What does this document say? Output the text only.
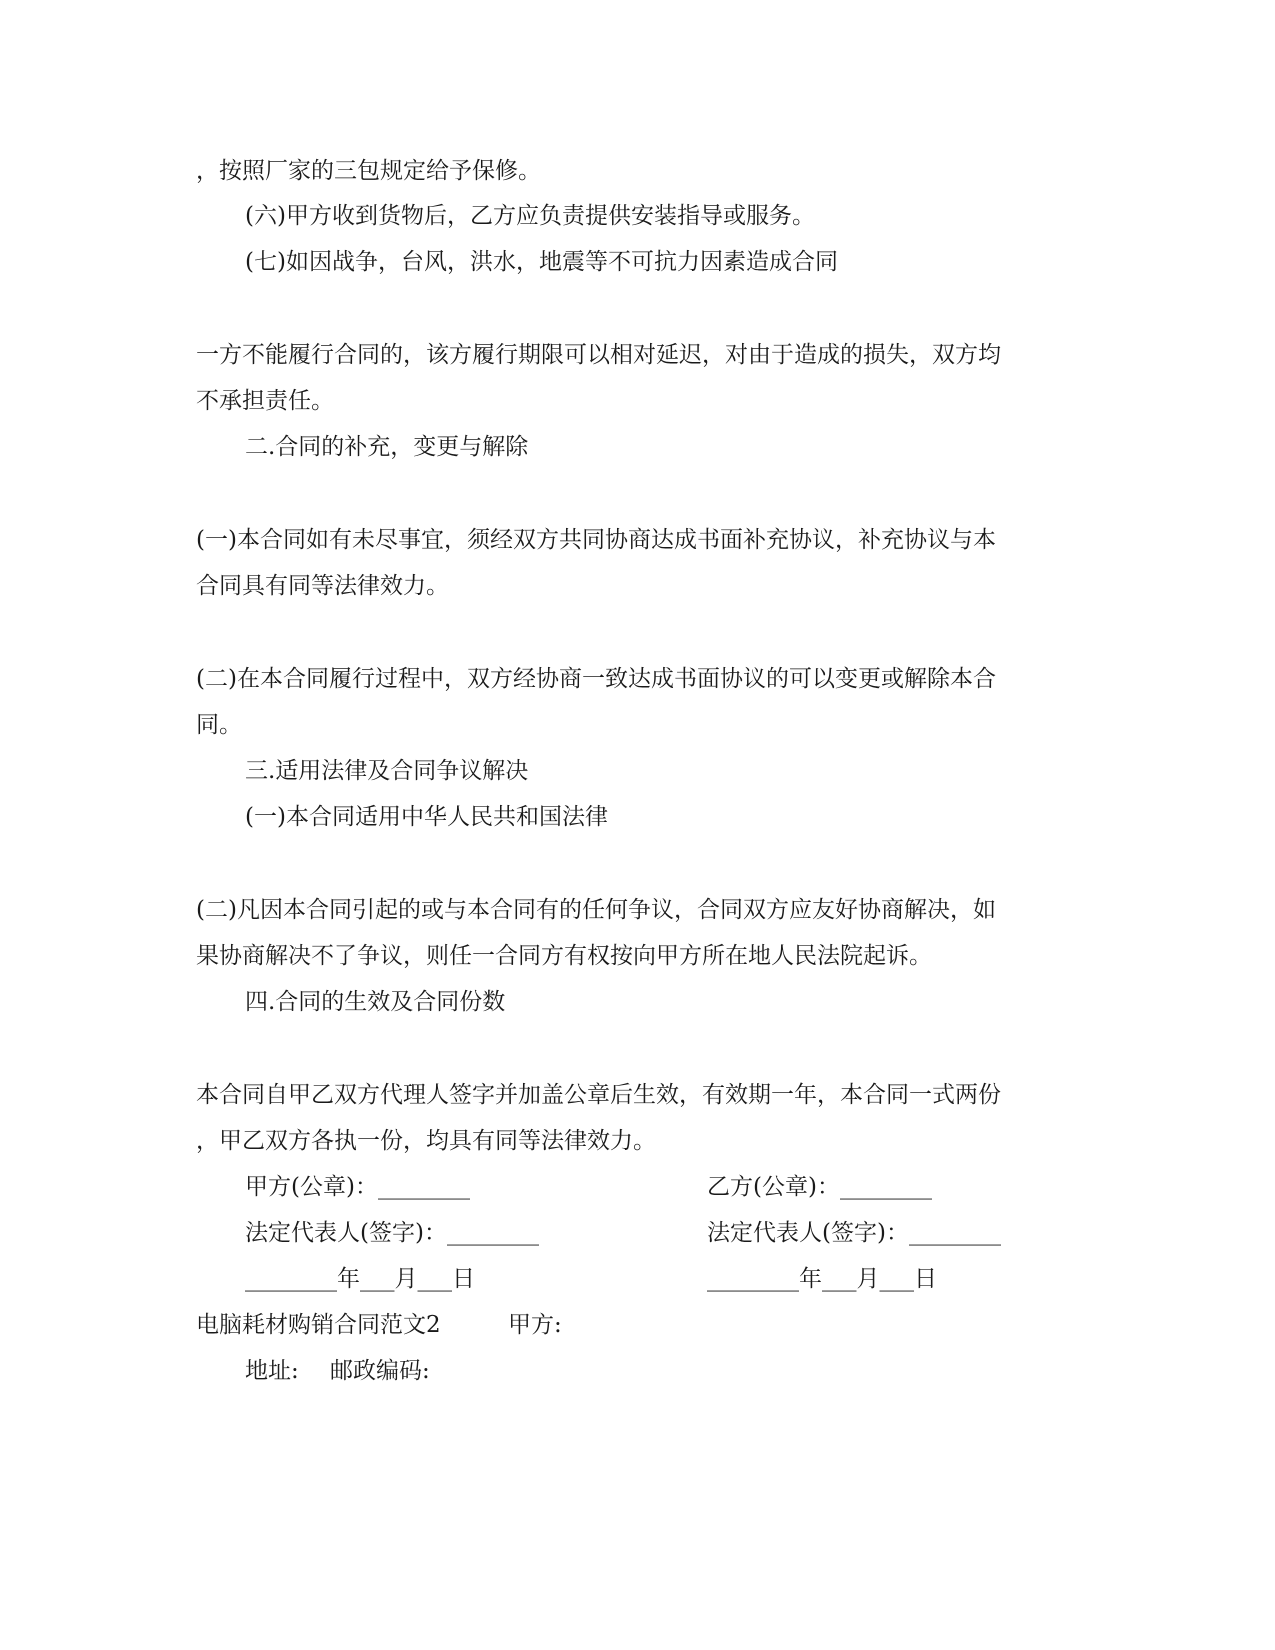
，按照厂家的三包规定给予保修。
(六)甲方收到货物后，乙方应负责提供安装指导或服务。
(七)如因战争，台风，洪水，地震等不可抗力因素造成合同
一方不能履行合同的，该方履行期限可以相对延迟，对由于造成的损失，双方均
不承担责任。
二.合同的补充，变更与解除
(一)本合同如有未尽事宜，须经双方共同协商达成书面补充协议，补充协议与本
合同具有同等法律效力。
(二)在本合同履行过程中，双方经协商一致达成书面协议的可以变更或解除本合
同。
三.适用法律及合同争议解决
(一)本合同适用中华人民共和国法律
(二)凡因本合同引起的或与本合同有的任何争议，合同双方应友好协商解决，如
果协商解决不了争议，则任一合同方有权按向甲方所在地人民法院起诉。
四.合同的生效及合同份数
本合同自甲乙双方代理人签字并加盖公章后生效，有效期一年，本合同一式两份
，甲乙双方各执一份，均具有同等法律效力。
甲方(公章)：________	乙方(公章)：________
法定代表人(签字)：________	法定代表人(签字)：________
________年___月___日	________年___月___日
电脑耗材购销合同范文2	甲方:
地址: 邮政编码:
